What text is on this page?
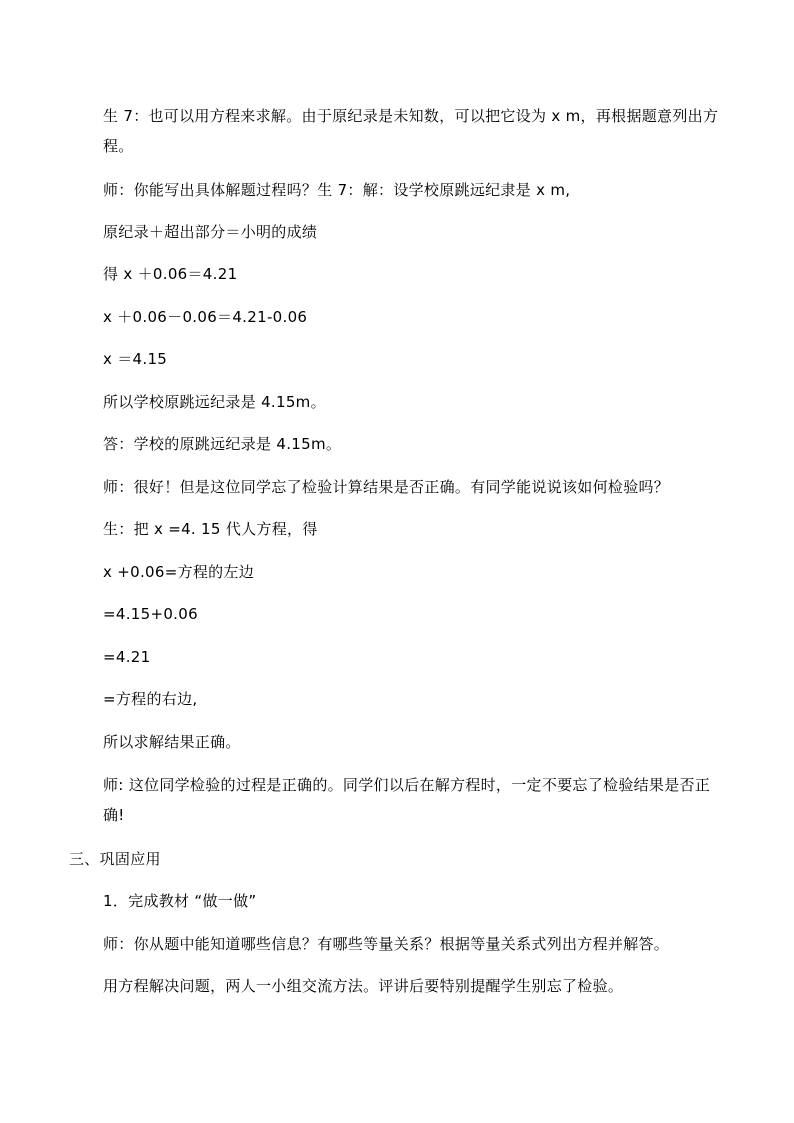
生 7：也可以用方程来求解。由于原纪录是未知数，可以把它设为 x m，再根据题意列出方程。
师：你能写出具体解题过程吗？生 7：解：设学校原跳远纪隶是 x m,
原纪录＋超出部分＝小明的成绩
得 x ＋0.06＝4.21
x ＋0.06－0.06＝4.21-0.06
x ＝4.15
所以学校原跳远纪录是 4.15m。
答：学校的原跳远纪录是 4.15m。
师：很好！但是这位同学忘了检验计算结果是否正确。有同学能说说该如何检验吗？
生：把 x =4. 15 代人方程，得
x +0.06=方程的左边
=4.15+0.06
=4.21
=方程的右边,
所以求解结果正确。
师: 这位同学检验的过程是正确的。同学们以后在解方程时，一定不要忘了检验结果是否正确!
三、巩固应用
1．完成教材 “做一做”
师：你从题中能知道哪些信息？有哪些等量关系？根据等量关系式列出方程并解答。
用方程解决问题，两人一小组交流方法。评讲后要特别提醒学生别忘了检验。
